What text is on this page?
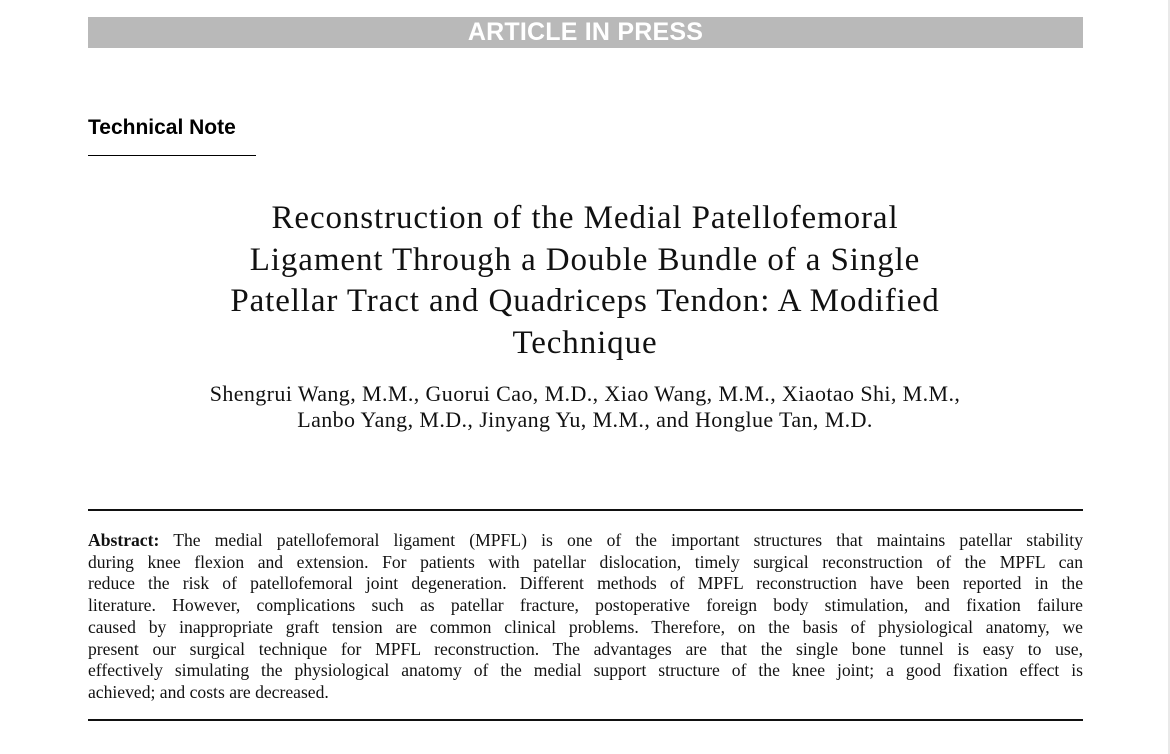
ARTICLE IN PRESS
Technical Note
Reconstruction of the Medial Patellofemoral
Ligament Through a Double Bundle of a Single
Patellar Tract and Quadriceps Tendon: A Modified
Technique
Shengrui Wang, M.M., Guorui Cao, M.D., Xiao Wang, M.M., Xiaotao Shi, M.M.,
Lanbo Yang, M.D., Jinyang Yu, M.M., and Honglue Tan, M.D.
Abstract: The medial patellofemoral ligament (MPFL) is one of the important structures that maintains patellar stability
during knee flexion and extension. For patients with patellar dislocation, timely surgical reconstruction of the MPFL can
reduce the risk of patellofemoral joint degeneration. Different methods of MPFL reconstruction have been reported in the
literature. However, complications such as patellar fracture, postoperative foreign body stimulation, and fixation failure
caused by inappropriate graft tension are common clinical problems. Therefore, on the basis of physiological anatomy, we
present our surgical technique for MPFL reconstruction. The advantages are that the single bone tunnel is easy to use,
effectively simulating the physiological anatomy of the medial support structure of the knee joint; a good fixation effect is
achieved; and costs are decreased.
